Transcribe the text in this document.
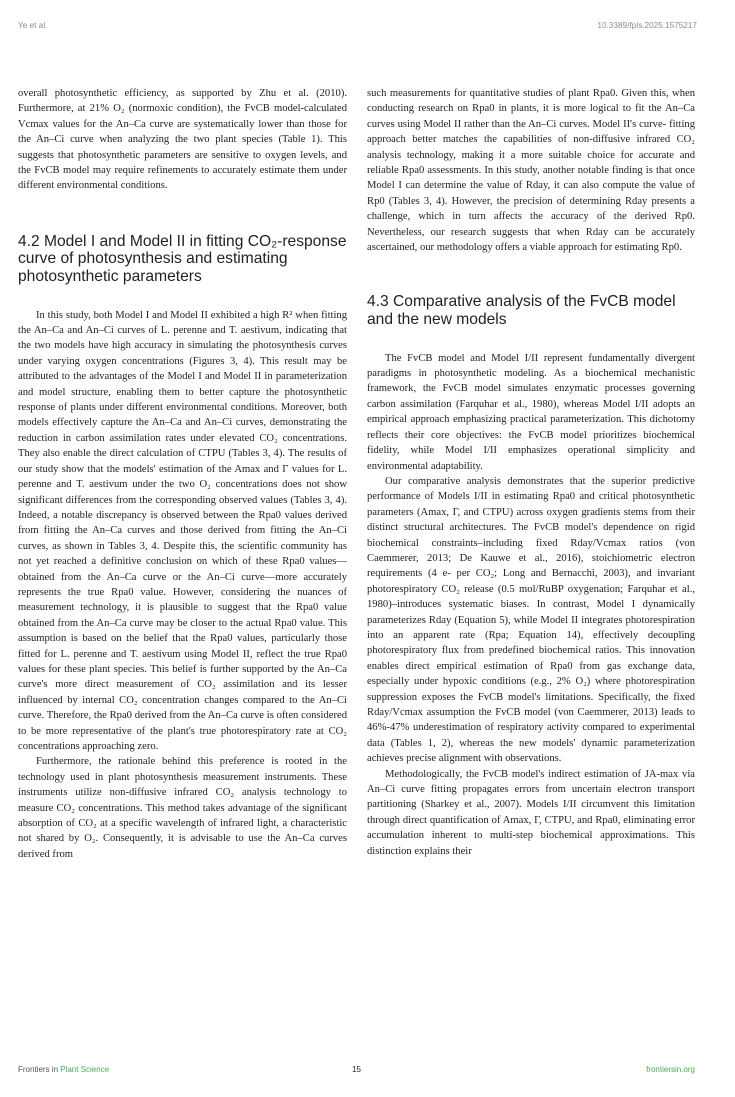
Ye et al.	10.3389/fpls.2025.1575217

overall photosynthetic efficiency, as supported by Zhu et al. (2010). Furthermore, at 21% O₂ (normoxic condition), the FvCB model-calculated Vcmax values for the An–Ca curve are systematically lower than those for the An–Ci curve when analyzing the two plant species (Table 1). This suggests that photosynthetic parameters are sensitive to oxygen levels, and the FvCB model may require refinements to accurately estimate them under different environmental conditions.

4.2 Model I and Model II in fitting CO₂-response curve of photosynthesis and estimating photosynthetic parameters

In this study, both Model I and Model II exhibited a high R² when fitting the An–Ca and An–Ci curves of L. perenne and T. aestivum, indicating that the two models have high accuracy in simulating the photosynthesis curves under varying oxygen concentrations (Figures 3, 4). This result may be attributed to the advantages of the Model I and Model II in parameterization and model structure, enabling them to better capture the photosynthetic response of plants under different environmental conditions. Moreover, both models effectively capture the An–Ca and An–Ci curves, demonstrating the reduction in carbon assimilation rates under elevated CO₂ concentrations. They also enable the direct calculation of CTPU (Tables 3, 4). The results of our study show that the models' estimation of the Amax and Γ values for L. perenne and T. aestivum under the two O₂ concentrations does not show significant differences from the corresponding observed values (Tables 3, 4). Indeed, a notable discrepancy is observed between the Rpa0 values derived from fitting the An–Ca curves and those derived from fitting the An–Ci curves, as shown in Tables 3, 4. Despite this, the scientific community has not yet reached a definitive conclusion on which of these Rpa0 values—obtained from the An–Ca curve or the An–Ci curve—more accurately represents the true Rpa0 value. However, considering the nuances of measurement technology, it is plausible to suggest that the Rpa0 value obtained from the An–Ca curve may be closer to the actual Rpa0 value. This assumption is based on the belief that the Rpa0 values, particularly those fitted for L. perenne and T. aestivum using Model II, reflect the true Rpa0 values for these plant species. This belief is further supported by the An–Ca curve's more direct measurement of CO₂ assimilation and its lesser influenced by internal CO₂ concentration changes compared to the An–Ci curve. Therefore, the Rpa0 derived from the An–Ca curve is often considered to be more representative of the plant's true photorespiratory rate at CO₂ concentrations approaching zero.

Furthermore, the rationale behind this preference is rooted in the technology used in plant photosynthesis measurement instruments. These instruments utilize non-diffusive infrared CO₂ analysis technology to measure CO₂ concentrations. This method takes advantage of the significant absorption of CO₂ at a specific wavelength of infrared light, a characteristic not shared by O₂. Consequently, it is advisable to use the An–Ca curves derived from

such measurements for quantitative studies of plant Rpa0. Given this, when conducting research on Rpa0 in plants, it is more logical to fit the An–Ca curves using Model II rather than the An–Ci curves. Model II's curve- fitting approach better matches the capabilities of non-diffusive infrared CO₂ analysis technology, making it a more suitable choice for accurate and reliable Rpa0 assessments. In this study, another notable finding is that once Model I can determine the value of Rday, it can also compute the value of Rp0 (Tables 3, 4). However, the precision of determining Rday presents a challenge, which in turn affects the accuracy of the derived Rp0. Nevertheless, our research suggests that when Rday can be accurately ascertained, our methodology offers a viable approach for estimating Rp0.

4.3 Comparative analysis of the FvCB model and the new models

The FvCB model and Model I/II represent fundamentally divergent paradigms in photosynthetic modeling. As a biochemical mechanistic framework, the FvCB model simulates enzymatic processes governing carbon assimilation (Farquhar et al., 1980), whereas Model I/II adopts an empirical approach emphasizing practical parameterization. This dichotomy reflects their core objectives: the FvCB model prioritizes biochemical fidelity, while Model I/II emphasizes operational simplicity and environmental adaptability.

Our comparative analysis demonstrates that the superior predictive performance of Models I/II in estimating Rpa0 and critical photosynthetic parameters (Amax, Γ, and CTPU) across oxygen gradients stems from their distinct structural architectures. The FvCB model's dependence on rigid biochemical constraints–including fixed Rday/Vcmax ratios (von Caemmerer, 2013; De Kauwe et al., 2016), stoichiometric electron requirements (4 e- per CO₂; Long and Bernacchi, 2003), and invariant photorespiratory CO₂ release (0.5 mol/RuBP oxygenation; Farquhar et al., 1980)–introduces systematic biases. In contrast, Model I dynamically parameterizes Rday (Equation 5), while Model II integrates photorespiration into an apparent rate (Rpa; Equation 14), effectively decoupling photorespiratory flux from predefined biochemical ratios. This innovation enables direct empirical estimation of Rpa0 from gas exchange data, especially under hypoxic conditions (e.g., 2% O₂) where photorespiration suppression exposes the FvCB model's limitations. Specifically, the fixed Rday/Vcmax assumption the FvCB model (von Caemmerer, 2013) leads to 46%-47% underestimation of respiratory activity compared to experimental data (Tables 1, 2), whereas the new models' dynamic parameterization achieves precise alignment with observations.

Methodologically, the FvCB model's indirect estimation of JA-max via An–Ci curve fitting propagates errors from uncertain electron transport partitioning (Sharkey et al., 2007). Models I/II circumvent this limitation through direct quantification of Amax, Γ, CTPU, and Rpa0, eliminating error accumulation inherent to multi-step biochemical approximations. This distinction explains their

Frontiers in Plant Science	15	frontiersin.org
